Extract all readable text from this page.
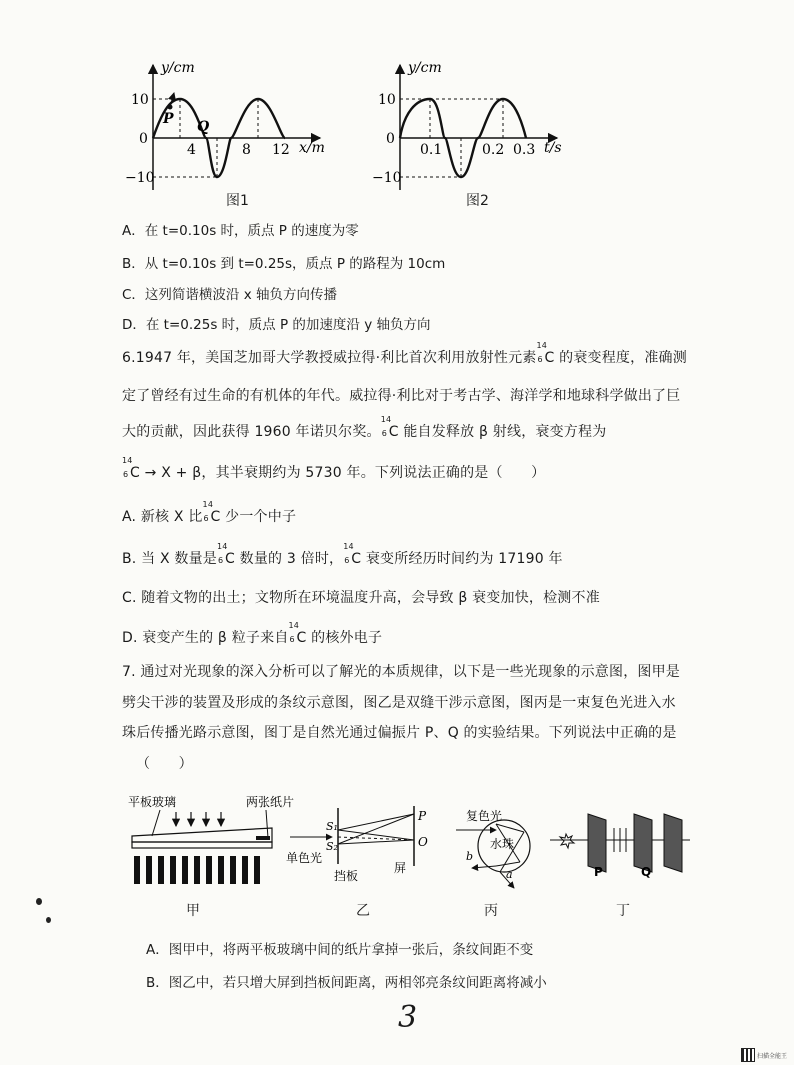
y/cm
x/m
10
0
−10
4	8 12
P Q
图1
y/cm
t/s
10
0
−10
0.1	0.2 0.3
图2
A．在 t=0.10s 时，质点 P 的速度为零
B．从 t=0.10s 到 t=0.25s，质点 P 的路程为 10cm
C．这列简谐横波沿 x 轴负方向传播
D．在 t=0.25s 时，质点 P 的加速度沿 y 轴负方向
6.1947 年，美国芝加哥大学教授威拉得·利比首次利用放射性元素
14
6 C 的衰变程度，准确测
定了曾经有过生命的有机体的年代。威拉得·利比对于考古学、海洋学和地球科学做出了巨
大的贡献，因此获得 1960 年诺贝尔奖。
14
6 C 能自发释放 β 射线，衰变方程为
14
6 C → X + β，其半衰期约为 5730 年。下列说法正确的是（　　）
A. 新核 X 比
14
6 C 少一个中子
B. 当 X 数量是
14
6 C 数量的 3 倍时，
14
6 C 衰变所经历时间约为 17190 年
C. 随着文物的出土；文物所在环境温度升高，会导致 β 衰变加快，检测不准
D. 衰变产生的 β 粒子来自
14
6 C 的核外电子
7. 通过对光现象的深入分析可以了解光的本质规律，以下是一些光现象的示意图，图甲是
劈尖干涉的装置及形成的条纹示意图，图乙是双缝干涉示意图，图丙是一束复色光进入水
珠后传播光路示意图，图丁是自然光通过偏振片 P、Q 的实验结果。下列说法中正确的是
（　　）
平板玻璃	两张纸片
甲
S₁
S₂
单色光
挡板
屏
P
O
乙
复色光
水珠
a
b
丙
P	Q
丁
A．图甲中，将两平板玻璃中间的纸片拿掉一张后，条纹间距不变
B．图乙中，若只增大屏到挡板间距离，两相邻亮条纹间距离将减小
3
扫描全能王
